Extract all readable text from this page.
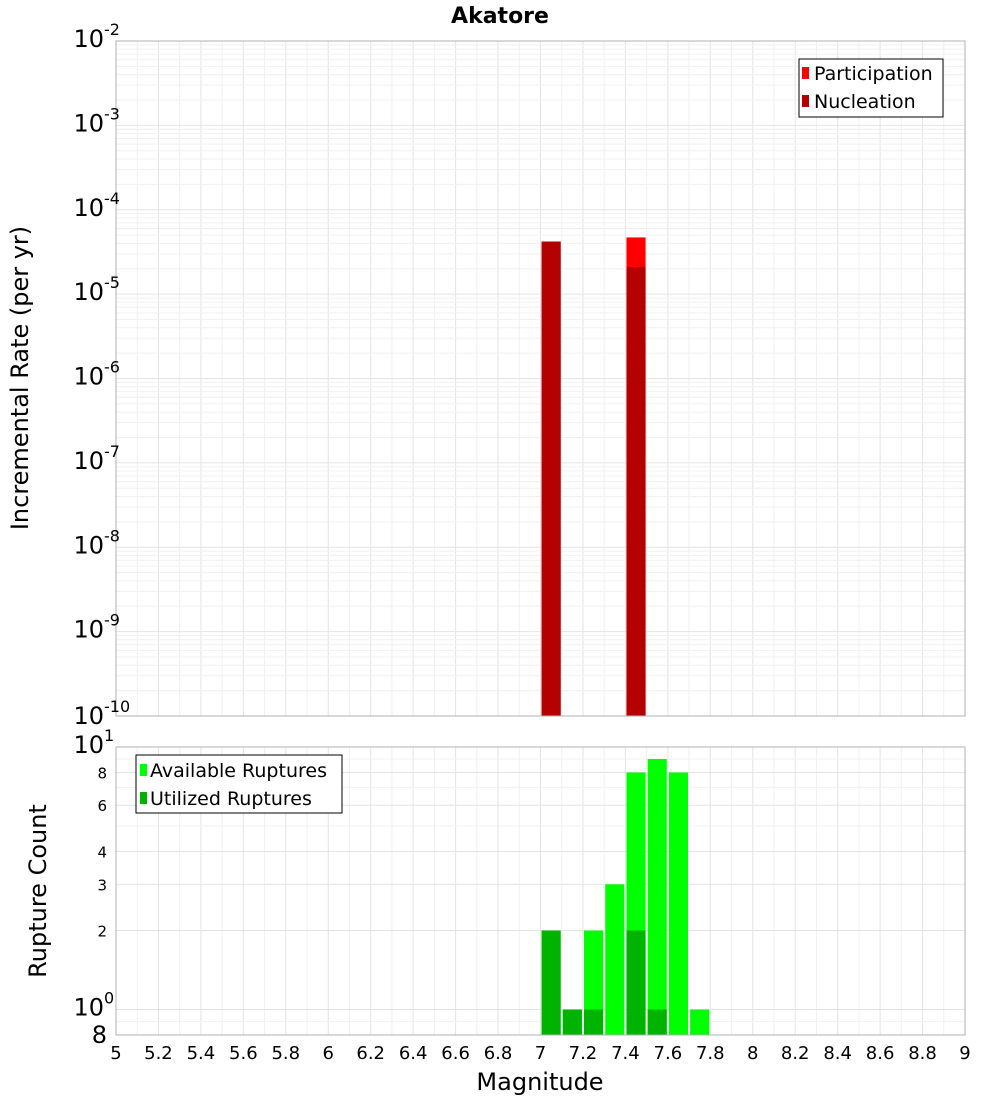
Akatore
10 -10
10 -9
10 -8
10 -7
10 -6
10 -5
10 -4
10 -3
10 -2
Incremental Rate (per yr)
Participation
Nucleation
10 0
10 1
8
2
3
4
6
8
Rupture Count
Available Ruptures
Utilized Ruptures
5 5.2 5.4 5.6 5.8 6 6.2 6.4 6.6 6.8 7 7.2 7.4 7.6 7.8 8 8.2 8.4 8.6 8.8 9
Magnitude
